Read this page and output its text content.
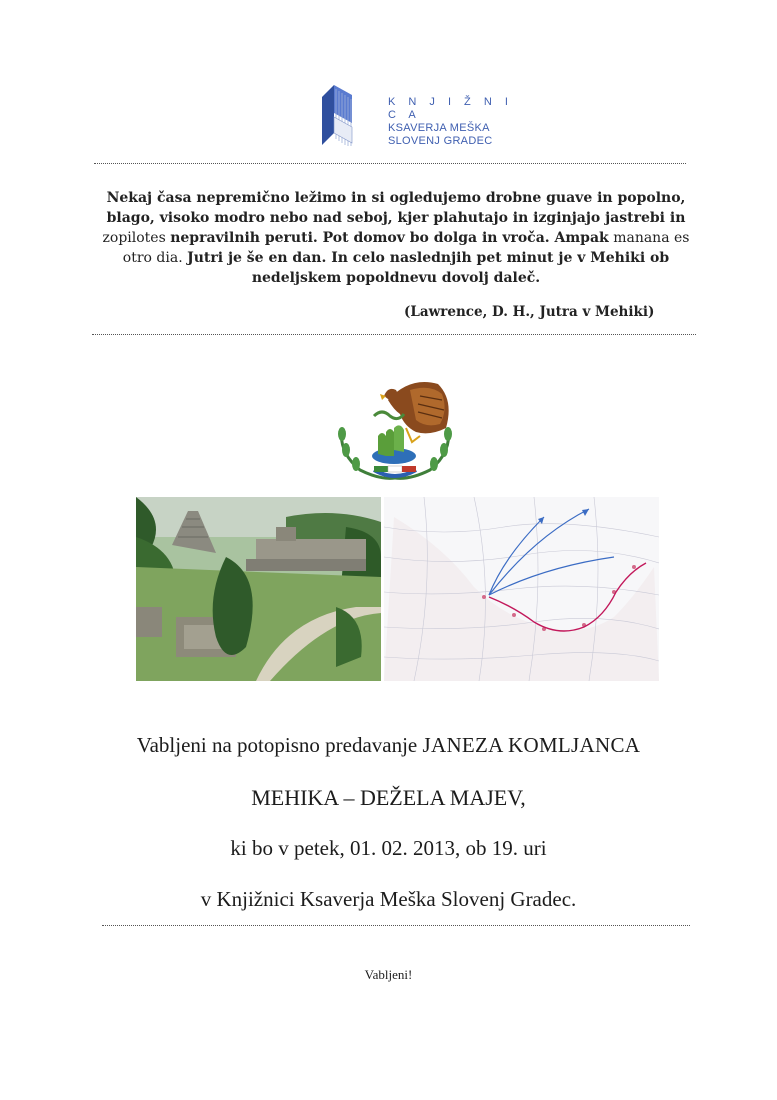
K N J I Ž N I C A
KSAVERJA MEŠKA
SLOVENJ GRADEC
Nekaj časa nepremično ležimo in si ogledujemo drobne guave in popolno, blago, visoko modro nebo nad seboj, kjer plahutajo in izginjajo jastrebi in zopilotes nepravilnih peruti. Pot domov bo dolga in vroča. Ampak manana es otro dia. Jutri je še en dan. In celo naslednjih pet minut je v Mehiki ob nedeljskem popoldnevu dovolj daleč.
(Lawrence, D. H., Jutra v Mehiki)
Vabljeni na potopisno predavanje JANEZA KOMLJANCA
MEHIKA – DEŽELA MAJEV,
ki bo v petek, 01. 02. 2013, ob 19. uri
v Knjižnici Ksaverja Meška Slovenj Gradec.
Vabljeni!
